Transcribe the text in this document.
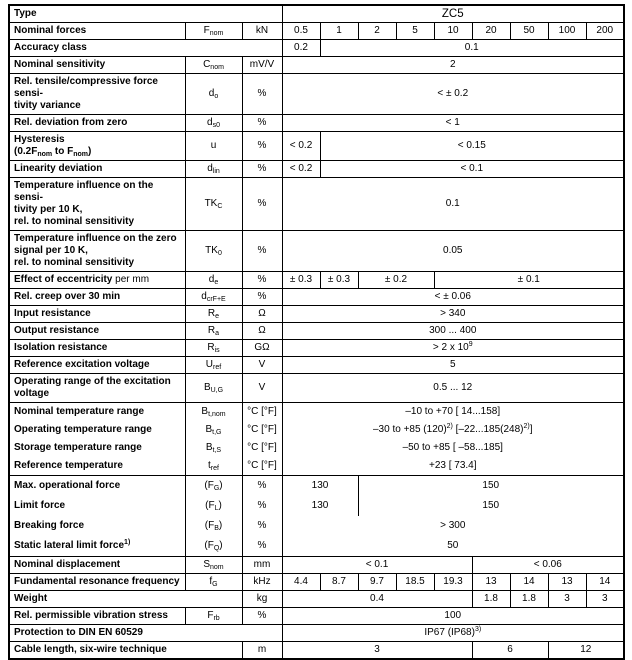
Type			ZC5								
Nominal forces	$F_{nom}$	kN	0.5	1	2	5	10	20	50	100	200
Accuracy class			0.2	0.1							
Nominal sensitivity	$C_{nom}$	mV/V	2								
Rel. tensile/compressive force sensi-
tivity variance	$d_o$	%	< ± 0.2								
Rel. deviation from zero	$d_{s0}$	%	< 1								
Hysteresis
($0.2F_{nom}$ to $F_{nom}$)	u	%	< 0.2	< 0.15							
Linearity deviation	$d_{lin}$	%	< 0.2	< 0.1							
Temperature influence on the sensi-
tivity per 10 K,
rel. to nominal sensitivity	$TK_C$	%	0.1								
Temperature influence on the zero
signal per 10 K,
rel. to nominal sensitivity	$TK_0$	%	0.05								
Effect of eccentricity per mm	$d_e$	%	± 0.3	± 0.3	± 0.2		± 0.1				
Rel. creep over 30 min	$d_{crF+E}$	%	< ± 0.06								
Input resistance	$R_e$	Ω	> 340								
Output resistance	$R_a$	Ω	300 ... 400								
Isolation resistance	$R_{is}$	GΩ	> 2 x $10^9$
Reference excitation voltage	$U_{ref}$	V	5								
Operating range of the excitation
voltage	$B_{U,G}$	V	0.5 ... 12								
Nominal temperature range	$B_{t,nom}$	°C [°F]	–10 to +70 [ 14...158]								
Operating temperature range	$B_{t,G}$	°C [°F]	–30 to +85 $(120)^{2)}$ $[-22...185(248)^{2)}]$								
Storage temperature range	$B_{t,S}$	°C [°F]	–50 to +85 [ –58...185]								
Reference temperature	$t_{ref}$	°C [°F]	+23 [ 73.4]								
Max. operational force	$(F_G)$	%	130		150						
Limit force	$(F_L)$	%	130		150						
Breaking force	$(F_B)$	%	> 300								
Static lateral limit force$^{1)}$	$(F_Q)$	%	50								
Nominal displacement	$S_{nom}$	mm	< 0.1					< 0.06			
Fundamental resonance frequency	$f_G$	kHz	4.4	8.7	9.7	18.5	19.3	13	14	13	14
Weight		kg	0.4					1.8	1.8	3	3
Rel. permissible vibration stress	$F_{rb}$	%	100								
Protection to DIN EN 60529			IP67 $(IP68)^{3)}$
Cable length, six-wire technique		m	3					6		12	
